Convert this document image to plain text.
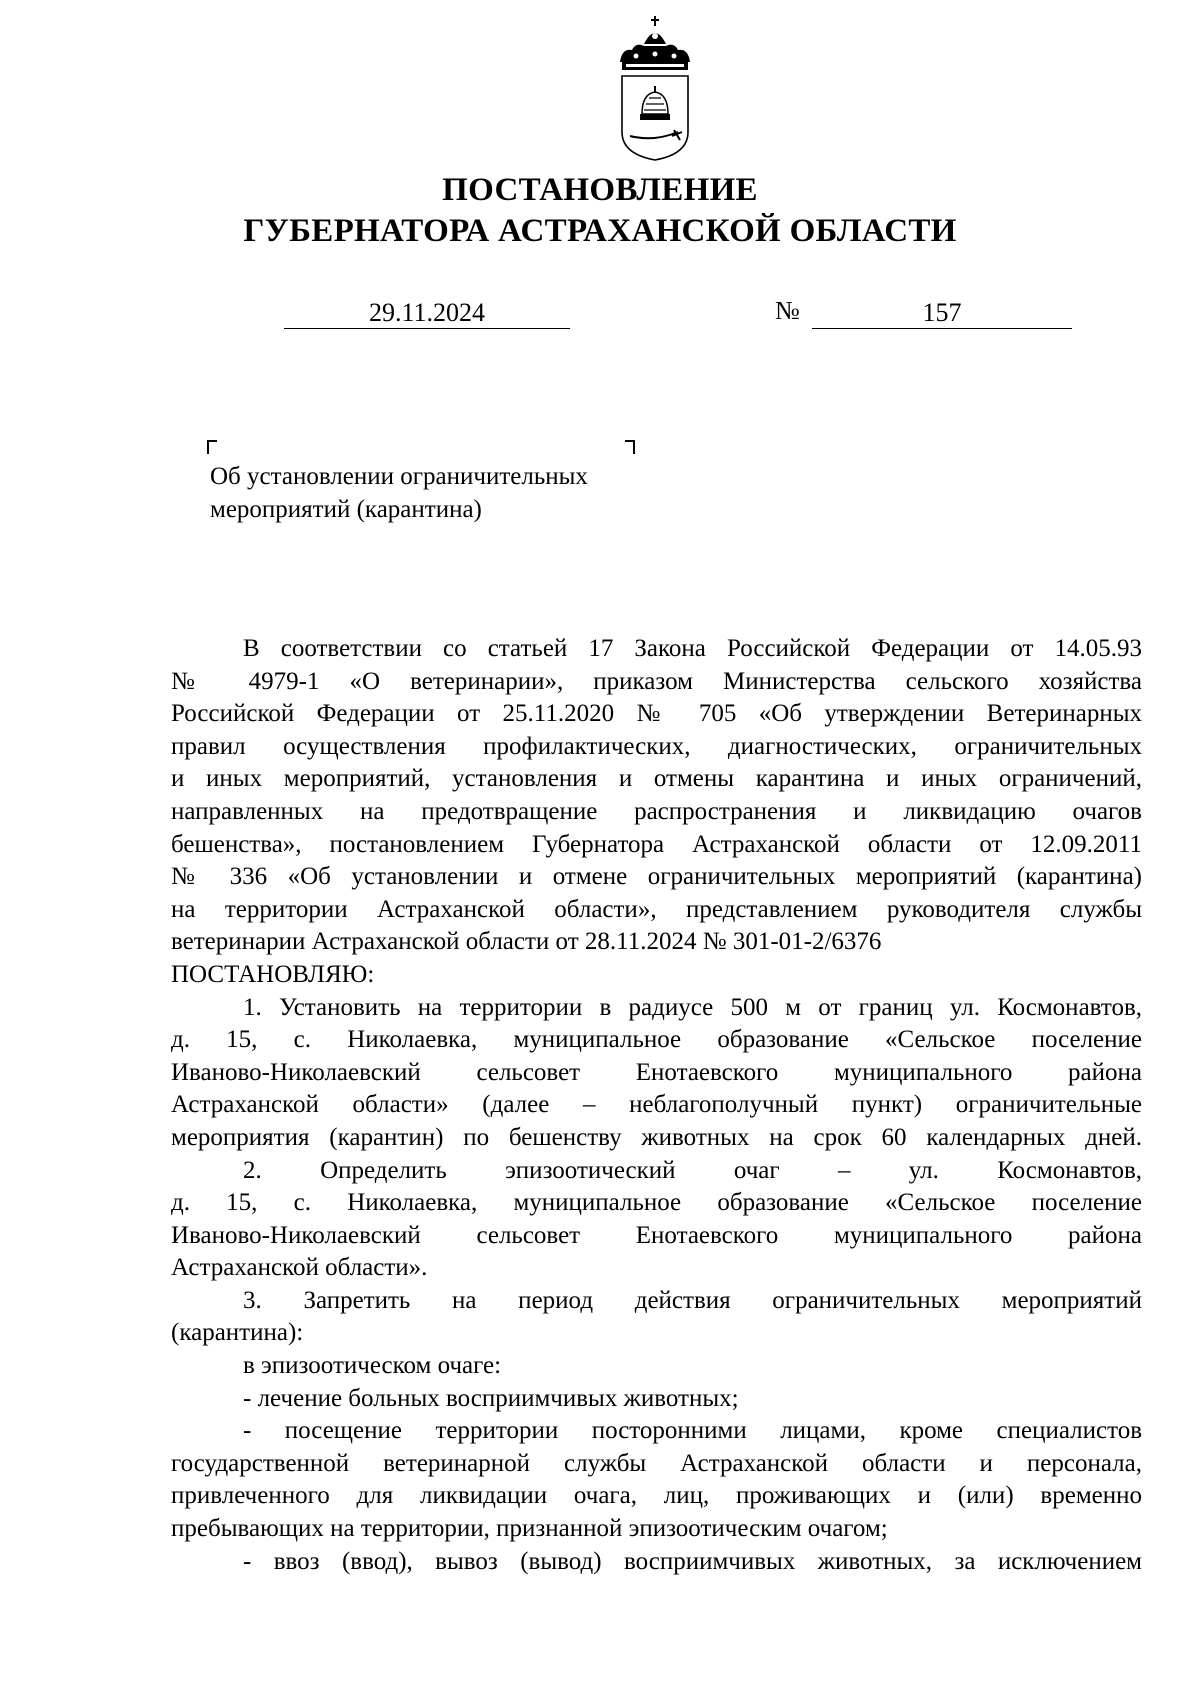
ПОСТАНОВЛЕНИЕ
ГУБЕРНАТОРА АСТРАХАНСКОЙ ОБЛАСТИ
29.11.2024	№	157
Об установлении ограничительных
мероприятий (карантина)
В соответствии со статьей 17 Закона Российской Федерации от 14.05.93
№ 4979-1 «О ветеринарии», приказом Министерства сельского хозяйства
Российской Федерации от 25.11.2020 № 705 «Об утверждении Ветеринарных
правил осуществления профилактических, диагностических, ограничительных
и иных мероприятий, установления и отмены карантина и иных ограничений,
направленных на предотвращение распространения и ликвидацию очагов
бешенства», постановлением Губернатора Астраханской области от 12.09.2011
№ 336 «Об установлении и отмене ограничительных мероприятий (карантина)
на территории Астраханской области», представлением руководителя службы
ветеринарии Астраханской области от 28.11.2024 № 301-01-2/6376
ПОСТАНОВЛЯЮ:
1. Установить на территории в радиусе 500 м от границ ул. Космонавтов,
д. 15, с. Николаевка, муниципальное образование «Сельское поселение
Иваново-Николаевский сельсовет Енотаевского муниципального района
Астраханской области» (далее – неблагополучный пункт) ограничительные
мероприятия (карантин) по бешенству животных на срок 60 календарных дней.
2. Определить эпизоотический очаг – ул. Космонавтов,
д. 15, с. Николаевка, муниципальное образование «Сельское поселение
Иваново-Николаевский сельсовет Енотаевского муниципального района
Астраханской области».
3. Запретить на период действия ограничительных мероприятий
(карантина):
в эпизоотическом очаге:
- лечение больных восприимчивых животных;
- посещение территории посторонними лицами, кроме специалистов
государственной ветеринарной службы Астраханской области и персонала,
привлеченного для ликвидации очага, лиц, проживающих и (или) временно
пребывающих на территории, признанной эпизоотическим очагом;
- ввоз (ввод), вывоз (вывод) восприимчивых животных, за исключением
